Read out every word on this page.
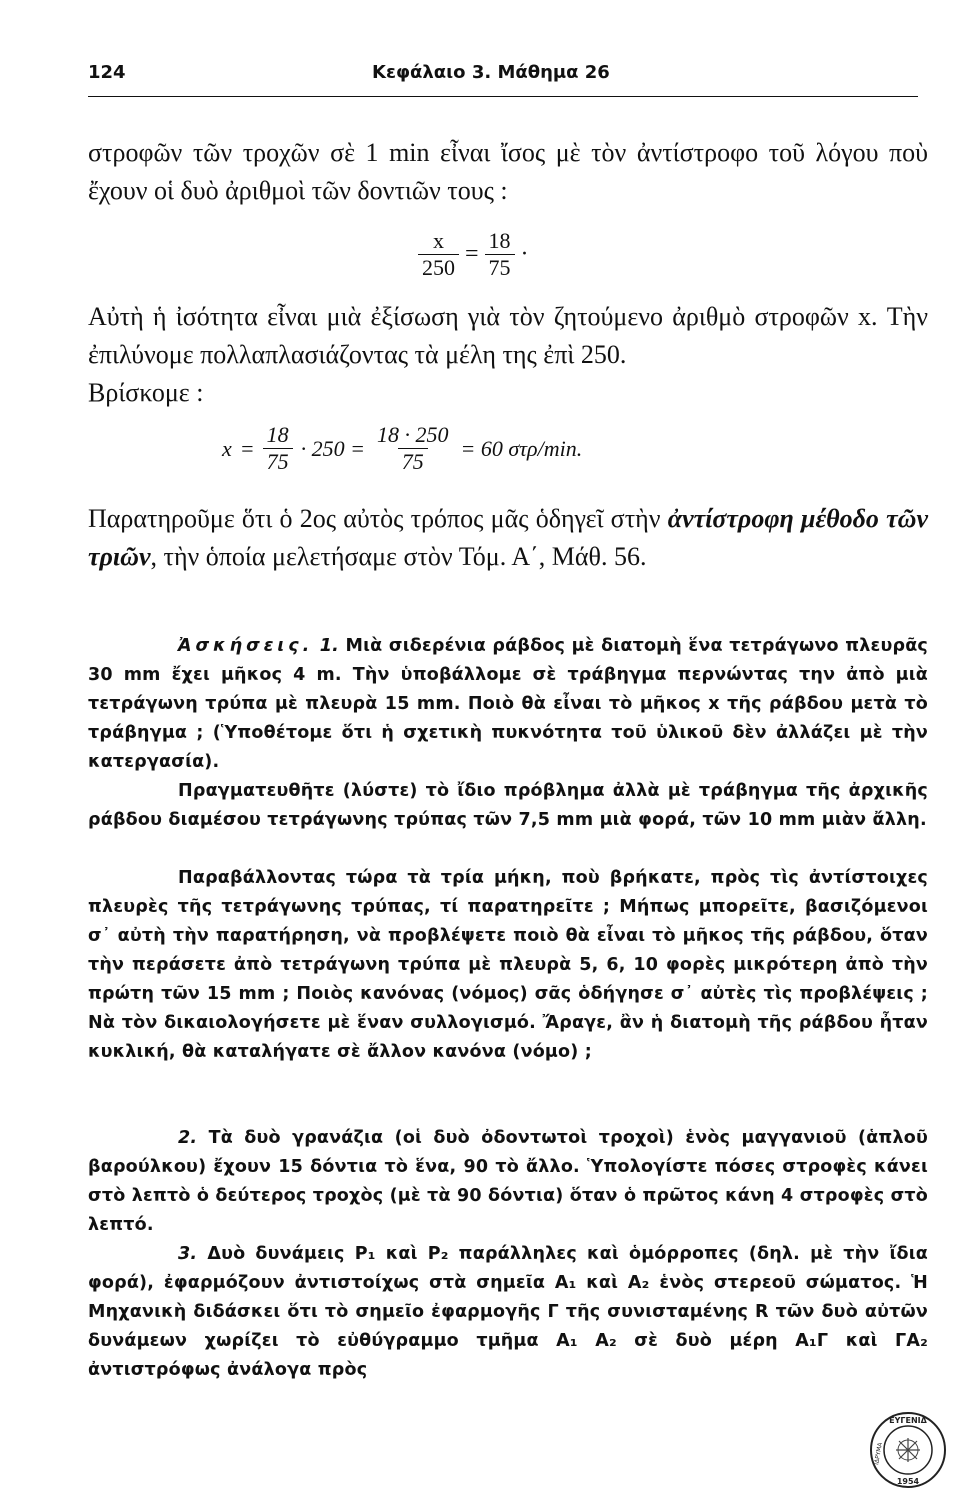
124	Κεφάλαιο 3. Μάθημα 26

στροφῶν τῶν τροχῶν σὲ 1 min εἶναι ἴσος μὲ τὸν ἀντίστροφο τοῦ λόγου ποὺ ἔχουν οἱ δυὸ ἀριθμοὶ τῶν δοντιῶν τους :

$\frac{x}{250} = \frac{18}{75}$ ·

Αὐτὴ ἡ ἰσότητα εἶναι μιὰ ἐξίσωση γιὰ τὸν ζητούμενο ἀριθμὸ στροφῶν x. Τὴν ἐπιλύνομε πολλαπλασιάζοντας τὰ μέλη της ἐπὶ 250.

Βρίσκομε :

$x = \frac{18}{75} \cdot 250 = \frac{18 \cdot 250}{75} = 60$ στρ/min.

Παρατηροῦμε ὅτι ὁ 2ος αὐτὸς τρόπος μᾶς ὁδηγεῖ στὴν ἀντίστροφη μέθοδο τῶν τριῶν, τὴν ὁποία μελετήσαμε στὸν Τόμ. Α΄, Μάθ. 56.

Ἀσκήσεις. 1. Μιὰ σιδερένια ράβδος μὲ διατομὴ ἕνα τετράγωνο πλευρᾶς 30 mm ἔχει μῆκος 4 m. Τὴν ὑποβάλλομε σὲ τράβηγμα περνώντας την ἀπὸ μιὰ τετράγωνη τρύπα μὲ πλευρὰ 15 mm. Ποιὸ θὰ εἶναι τὸ μῆκος x τῆς ράβδου μετὰ τὸ τράβηγμα ; (Ὑποθέτομε ὅτι ἡ σχετικὴ πυκνότητα τοῦ ὑλικοῦ δὲν ἀλλάζει μὲ τὴν κατεργασία).

Πραγματευθῆτε (λύστε) τὸ ἴδιο πρόβλημα ἀλλὰ μὲ τράβηγμα τῆς ἀρχικῆς ράβδου διαμέσου τετράγωνης τρύπας τῶν 7,5 mm μιὰ φορά, τῶν 10 mm μιὰν ἄλλη.

Παραβάλλοντας τώρα τὰ τρία μήκη, ποὺ βρήκατε, πρὸς τὶς ἀντίστοιχες πλευρὲς τῆς τετράγωνης τρύπας, τί παρατηρεῖτε ; Μήπως μπορεῖτε, βασιζόμενοι σ᾽ αὐτὴ τὴν παρατήρηση, νὰ προβλέψετε ποιὸ θὰ εἶναι τὸ μῆκος τῆς ράβδου, ὅταν τὴν περάσετε ἀπὸ τετράγωνη τρύπα μὲ πλευρὰ 5, 6, 10 φορὲς μικρότερη ἀπὸ τὴν πρώτη τῶν 15 mm ; Ποιὸς κανόνας (νόμος) σᾶς ὁδήγησε σ᾽ αὐτὲς τὶς προβλέψεις ; Νὰ τὸν δικαιολογήσετε μὲ ἕναν συλλογισμό. Ἄραγε, ἂν ἡ διατομὴ τῆς ράβδου ἦταν κυκλική, θὰ καταλήγατε σὲ ἄλλον κανόνα (νόμο) ;

2. Τὰ δυὸ γρανάζια (οἱ δυὸ ὀδοντωτοὶ τροχοὶ) ἑνὸς μαγγανιοῦ (ἁπλοῦ βαρούλκου) ἔχουν 15 δόντια τὸ ἕνα, 90 τὸ ἄλλο. Ὑπολογίστε πόσες στροφὲς κάνει στὸ λεπτὸ ὁ δεύτερος τροχὸς (μὲ τὰ 90 δόντια) ὅταν ὁ πρῶτος κάνη 4 στροφὲς στὸ λεπτό.

3. Δυὸ δυνάμεις P₁ καὶ P₂ παράλληλες καὶ ὁμόρροπες (δηλ. μὲ τὴν ἴδια φορά), ἐφαρμόζουν ἀντιστοίχως στὰ σημεῖα A₁ καὶ A₂ ἑνὸς στερεοῦ σώματος. Ἡ Μηχανικὴ διδάσκει ὅτι τὸ σημεῖο ἐφαρμογῆς Γ τῆς συνισταμένης R τῶν δυὸ αὐτῶν δυνάμεων χωρίζει τὸ εὐθύγραμμο τμῆμα A₁ A₂ σὲ δυὸ μέρη A₁Γ καὶ ΓA₂ ἀντιστρόφως ἀνάλογα πρὸς

ΕΥΓΕΝΙΔ
1954
ΙΔΡΥΜΑ
